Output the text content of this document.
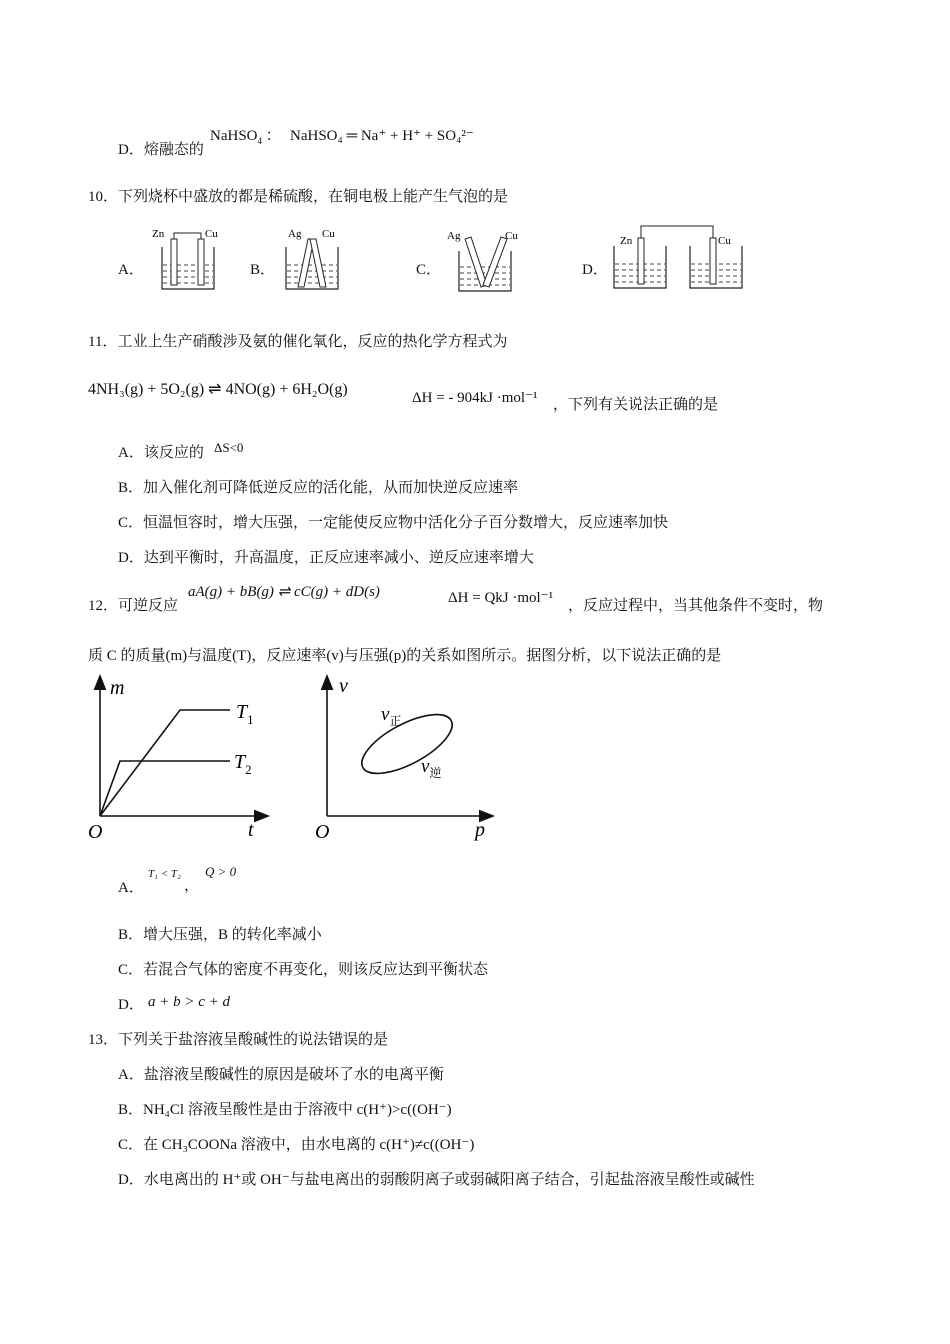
D．熔融态的
NaHSO$_4$ ： NaHSO₄ ═ Na⁺ + H⁺ + SO₄²⁻
10．下列烧杯中盛放的都是稀硫酸，在铜电极上能产生气泡的是
A．	B．	C．	D．
Zn	Cu	Ag Cu	Ag	Cu	Zn	Cu
11．工业上生产硝酸涉及氨的催化氧化，反应的热化学方程式为
4NH₃(g) + 5O₂(g) ⇌ 4NO(g) + 6H₂O(g)	ΔH = - 904kJ ·mol⁻¹ ，下列有关说法正确的是
A．该反应的 ΔS<0
B．加入催化剂可降低逆反应的活化能，从而加快逆反应速率
C．恒温恒容时，增大压强，一定能使反应物中活化分子百分数增大，反应速率加快
D．达到平衡时，升高温度，正反应速率减小、逆反应速率增大
12．可逆反应
aA(g) + bB(g) ⇌ cC(g) + dD(s)	ΔH = QkJ ·mol⁻¹ ，反应过程中，当其他条件不变时，物
质 C 的质量(m)与温度(T)，反应速率(v)与压强(p)的关系如图所示。据图分析，以下说法正确的是
m
t
O
$T_1$
$T_2$
v
p
O
$v_正$
$v_逆$
A．
T₁ < T₂
，
Q > 0
B．增大压强，B 的转化率减小
C．若混合气体的密度不再变化，则该反应达到平衡状态
D． a + b > c + d
13．下列关于盐溶液呈酸碱性的说法错误的是
A．盐溶液呈酸碱性的原因是破坏了水的电离平衡
B．NH₄Cl 溶液呈酸性是由于溶液中 c(H⁺)>c((OH⁻)
C．在 CH₃COONa 溶液中，由水电离的 c(H⁺)≠c((OH⁻)
D．水电离出的 H⁺或 OH⁻与盐电离出的弱酸阴离子或弱碱阳离子结合，引起盐溶液呈酸性或碱性
